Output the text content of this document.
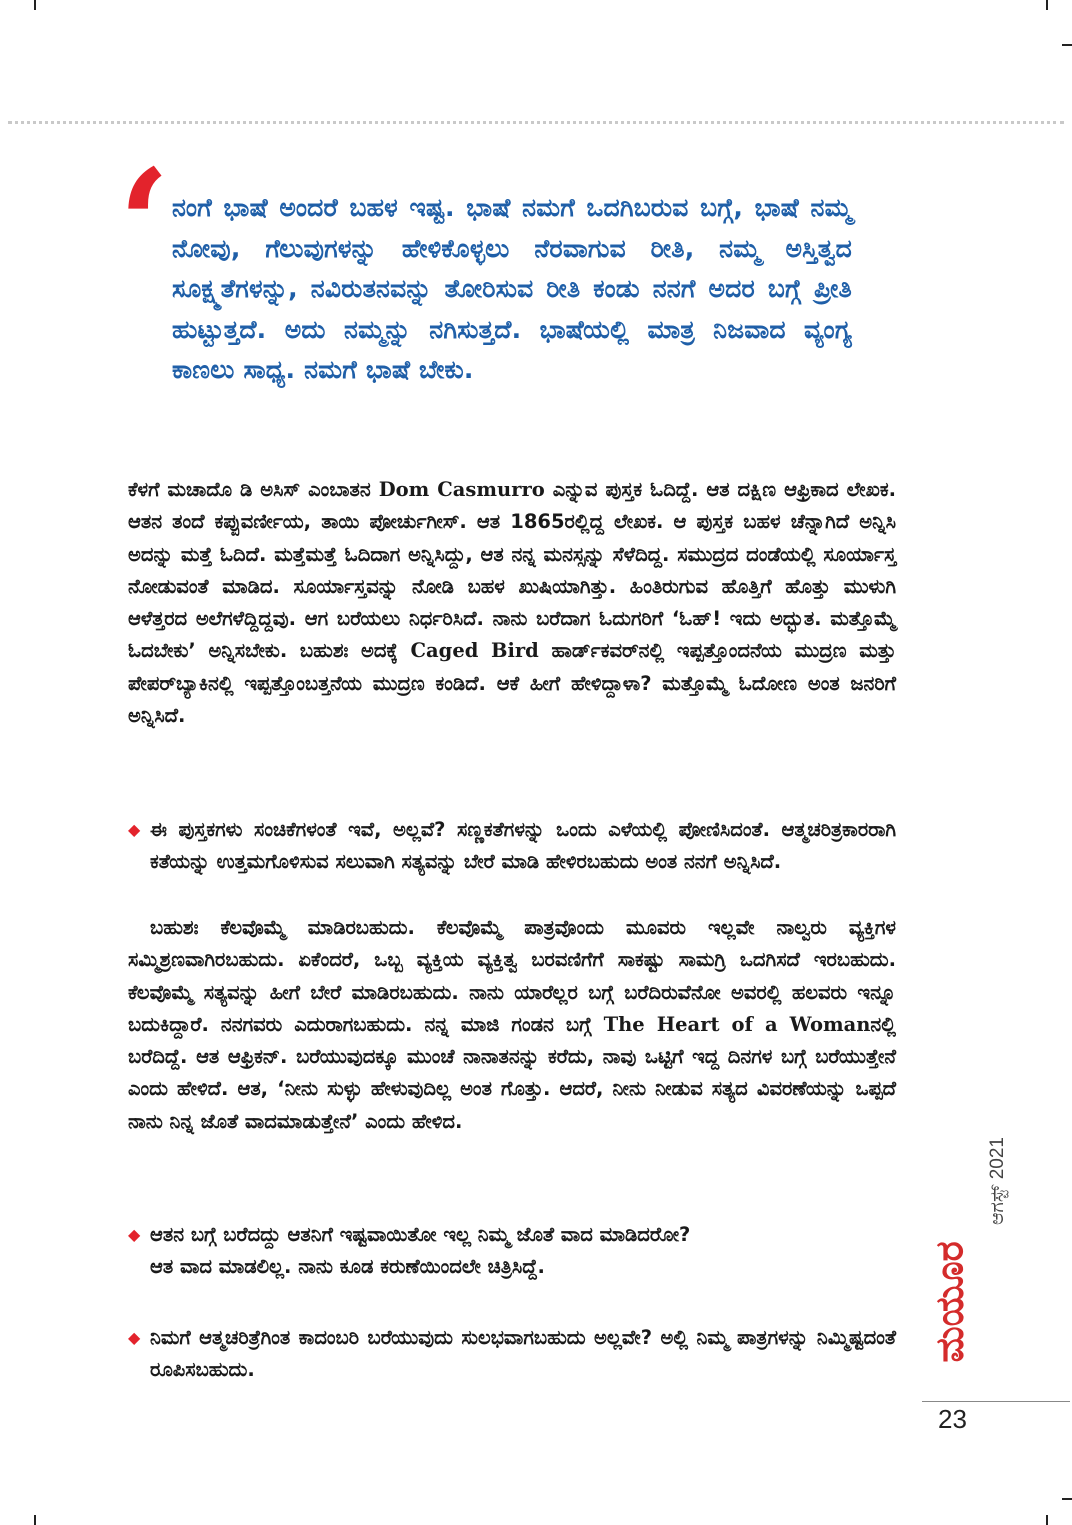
‘ ನಂಗೆ ಭಾಷೆ ಅಂದರೆ ಬಹಳ ಇಷ್ಟ. ಭಾಷೆ ನಮಗೆ ಒದಗಿಬರುವ ಬಗ್ಗೆ, ಭಾಷೆ ನಮ್ಮ ನೋವು, ಗೆಲುವುಗಳನ್ನು ಹೇಳಿಕೊಳ್ಳಲು ನೆರವಾಗುವ ರೀತಿ, ನಮ್ಮ ಅಸ್ತಿತ್ವದ ಸೂಕ್ಷ್ಮತೆಗಳನ್ನು, ನವಿರುತನವನ್ನು ತೋರಿಸುವ ರೀತಿ ಕಂಡು ನನಗೆ ಅದರ ಬಗ್ಗೆ ಪ್ರೀತಿ ಹುಟ್ಟುತ್ತದೆ. ಅದು ನಮ್ಮನ್ನು ನಗಿಸುತ್ತದೆ. ಭಾಷೆಯಲ್ಲಿ ಮಾತ್ರ ನಿಜವಾದ ವ್ಯಂಗ್ಯ ಕಾಣಲು ಸಾಧ್ಯ. ನಮಗೆ ಭಾಷೆ ಬೇಕು.

ಕೆಳಗೆ ಮಚಾದೊ ಡಿ ಅಸಿಸ್ ಎಂಬಾತನ Dom Casmurro ಎನ್ನುವ ಪುಸ್ತಕ ಓದಿದ್ದೆ. ಆತ ದಕ್ಷಿಣ ಆಫ್ರಿಕಾದ ಲೇಖಕ. ಆತನ ತಂದೆ ಕಪ್ಪುವರ್ಣೀಯ, ತಾಯಿ ಪೋರ್ಚುಗೀಸ್. ಆತ 1865ರಲ್ಲಿದ್ದ ಲೇಖಕ. ಆ ಪುಸ್ತಕ ಬಹಳ ಚೆನ್ನಾಗಿದೆ ಅನ್ನಿಸಿ ಅದನ್ನು ಮತ್ತೆ ಓದಿದೆ. ಮತ್ತೆಮತ್ತೆ ಓದಿದಾಗ ಅನ್ನಿಸಿದ್ದು, ಆತ ನನ್ನ ಮನಸ್ಸನ್ನು ಸೆಳೆದಿದ್ದ. ಸಮುದ್ರದ ದಂಡೆಯಲ್ಲಿ ಸೂರ್ಯಾಸ್ತ ನೋಡುವಂತೆ ಮಾಡಿದ. ಸೂರ್ಯಾಸ್ತವನ್ನು ನೋಡಿ ಬಹಳ ಖುಷಿಯಾಗಿತ್ತು. ಹಿಂತಿರುಗುವ ಹೊತ್ತಿಗೆ ಹೊತ್ತು ಮುಳುಗಿ ಆಳೆತ್ತರದ ಅಲೆಗಳೆದ್ದಿದ್ದವು. ಆಗ ಬರೆಯಲು ನಿರ್ಧರಿಸಿದೆ. ನಾನು ಬರೆದಾಗ ಓದುಗರಿಗೆ ‘ಓಹ್! ಇದು ಅದ್ಭುತ. ಮತ್ತೊಮ್ಮೆ ಓದಬೇಕು’ ಅನ್ನಿಸಬೇಕು. ಬಹುಶಃ ಅದಕ್ಕೆ Caged Bird ಹಾರ್ಡ್‌ಕವರ್‌ನಲ್ಲಿ ಇಪ್ಪತ್ತೊಂದನೆಯ ಮುದ್ರಣ ಮತ್ತು ಪೇಪರ್‌ಬ್ಯಾಕಿನಲ್ಲಿ ಇಪ್ಪತ್ತೊಂಬತ್ತನೆಯ ಮುದ್ರಣ ಕಂಡಿದೆ. ಆಕೆ ಹೀಗೆ ಹೇಳಿದ್ದಾಳಾ? ಮತ್ತೊಮ್ಮೆ ಓದೋಣ ಅಂತ ಜನರಿಗೆ ಅನ್ನಿಸಿದೆ.

◆ ಈ ಪುಸ್ತಕಗಳು ಸಂಚಿಕೆಗಳಂತೆ ಇವೆ, ಅಲ್ಲವೆ? ಸಣ್ಣಕತೆಗಳನ್ನು ಒಂದು ಎಳೆಯಲ್ಲಿ ಪೋಣಿಸಿದಂತೆ. ಆತ್ಮಚರಿತ್ರಕಾರರಾಗಿ ಕತೆಯನ್ನು ಉತ್ತಮಗೊಳಿಸುವ ಸಲುವಾಗಿ ಸತ್ಯವನ್ನು ಬೇರೆ ಮಾಡಿ ಹೇಳಿರಬಹುದು ಅಂತ ನನಗೆ ಅನ್ನಿಸಿದೆ.

ಬಹುಶಃ ಕೆಲವೊಮ್ಮೆ ಮಾಡಿರಬಹುದು. ಕೆಲವೊಮ್ಮೆ ಪಾತ್ರವೊಂದು ಮೂವರು ಇಲ್ಲವೇ ನಾಲ್ವರು ವ್ಯಕ್ತಿಗಳ ಸಮ್ಮಿಶ್ರಣವಾಗಿರಬಹುದು. ಏಕೆಂದರೆ, ಒಬ್ಬ ವ್ಯಕ್ತಿಯ ವ್ಯಕ್ತಿತ್ವ ಬರವಣಿಗೆಗೆ ಸಾಕಷ್ಟು ಸಾಮಗ್ರಿ ಒದಗಿಸದೆ ಇರಬಹುದು. ಕೆಲವೊಮ್ಮೆ ಸತ್ಯವನ್ನು ಹೀಗೆ ಬೇರೆ ಮಾಡಿರಬಹುದು. ನಾನು ಯಾರೆಲ್ಲರ ಬಗ್ಗೆ ಬರೆದಿರುವೆನೋ ಅವರಲ್ಲಿ ಹಲವರು ಇನ್ನೂ ಬದುಕಿದ್ದಾರೆ. ನನಗವರು ಎದುರಾಗಬಹುದು. ನನ್ನ ಮಾಜಿ ಗಂಡನ ಬಗ್ಗೆ The Heart of a Womanನಲ್ಲಿ ಬರೆದಿದ್ದೆ. ಆತ ಆಫ್ರಿಕನ್. ಬರೆಯುವುದಕ್ಕೂ ಮುಂಚೆ ನಾನಾತನನ್ನು ಕರೆದು, ನಾವು ಒಟ್ಟಿಗೆ ಇದ್ದ ದಿನಗಳ ಬಗ್ಗೆ ಬರೆಯುತ್ತೇನೆ ಎಂದು ಹೇಳಿದೆ. ಆತ, ‘ನೀನು ಸುಳ್ಳು ಹೇಳುವುದಿಲ್ಲ ಅಂತ ಗೊತ್ತು. ಆದರೆ, ನೀನು ನೀಡುವ ಸತ್ಯದ ವಿವರಣೆಯನ್ನು ಒಪ್ಪದೆ ನಾನು ನಿನ್ನ ಜೊತೆ ವಾದಮಾಡುತ್ತೇನೆ’ ಎಂದು ಹೇಳಿದ.

◆ ಆತನ ಬಗ್ಗೆ ಬರೆದದ್ದು ಆತನಿಗೆ ಇಷ್ಟವಾಯಿತೋ ಇಲ್ಲ ನಿಮ್ಮ ಜೊತೆ ವಾದ ಮಾಡಿದರೋ?

ಆತ ವಾದ ಮಾಡಲಿಲ್ಲ. ನಾನು ಕೂಡ ಕರುಣೆಯಿಂದಲೇ ಚಿತ್ರಿಸಿದ್ದೆ.

◆ ನಿಮಗೆ ಆತ್ಮಚರಿತ್ರೆಗಿಂತ ಕಾದಂಬರಿ ಬರೆಯುವುದು ಸುಲಭವಾಗಬಹುದು ಅಲ್ಲವೇ? ಅಲ್ಲಿ ನಿಮ್ಮ ಪಾತ್ರಗಳನ್ನು ನಿಮ್ಮಿಷ್ಟದಂತೆ ರೂಪಿಸಬಹುದು.

ಆಗಸ್ಟ್ 2021
ಮಯೂರ
23
